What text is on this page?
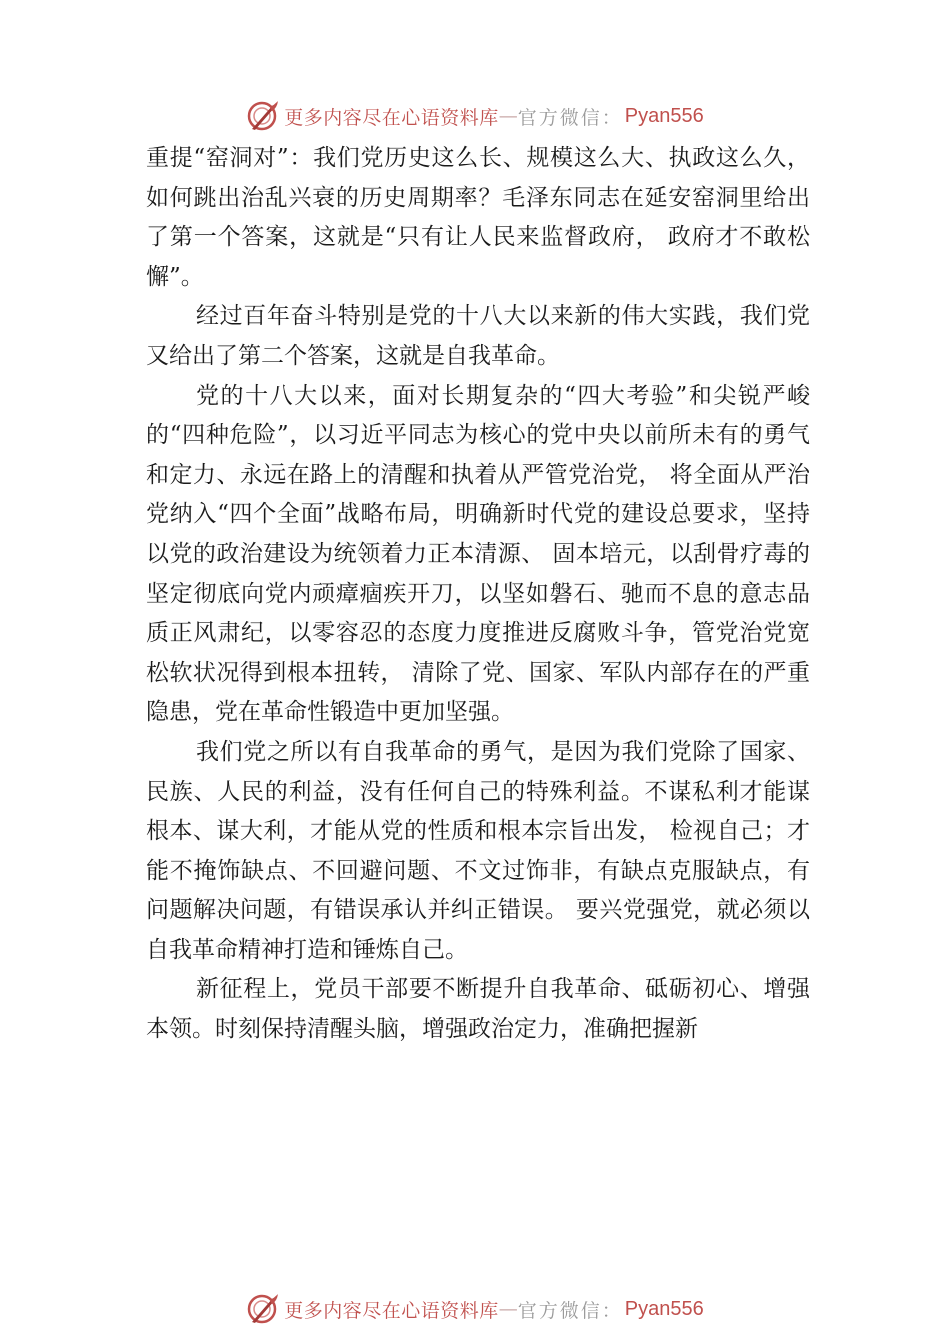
更多内容尽在心语资料库 — 官方微信： Pyan556

重提“窑洞对”：我们党历史这么长、规模这么大、执政这么久，如何跳出治乱兴衰的历史周期率？毛泽东同志在延安窑洞里给出了第一个答案，这就是“只有让人民来监督政府， 政府才不敢松懈”。

经过百年奋斗特别是党的十八大以来新的伟大实践，我们党又给出了第二个答案，这就是自我革命。

党的十八大以来，面对长期复杂的“四大考验”和尖锐严峻的“四种危险”，以习近平同志为核心的党中央以前所未有的勇气和定力、永远在路上的清醒和执着从严管党治党， 将全面从严治党纳入“四个全面”战略布局，明确新时代党的建设总要求，坚持以党的政治建设为统领着力正本清源、 固本培元，以刮骨疗毒的坚定彻底向党内顽瘴痼疾开刀，以坚如磐石、驰而不息的意志品质正风肃纪，以零容忍的态度力度推进反腐败斗争，管党治党宽松软状况得到根本扭转， 清除了党、国家、军队内部存在的严重隐患，党在革命性锻造中更加坚强。

我们党之所以有自我革命的勇气，是因为我们党除了国家、民族、人民的利益，没有任何自己的特殊利益。不谋私利才能谋根本、谋大利，才能从党的性质和根本宗旨出发， 检视自己；才能不掩饰缺点、不回避问题、不文过饰非，有缺点克服缺点，有问题解决问题，有错误承认并纠正错误。 要兴党强党，就必须以自我革命精神打造和锤炼自己。

新征程上，党员干部要不断提升自我革命、砥砺初心、增强本领。时刻保持清醒头脑，增强政治定力，准确把握新

更多内容尽在心语资料库 — 官方微信： Pyan556
